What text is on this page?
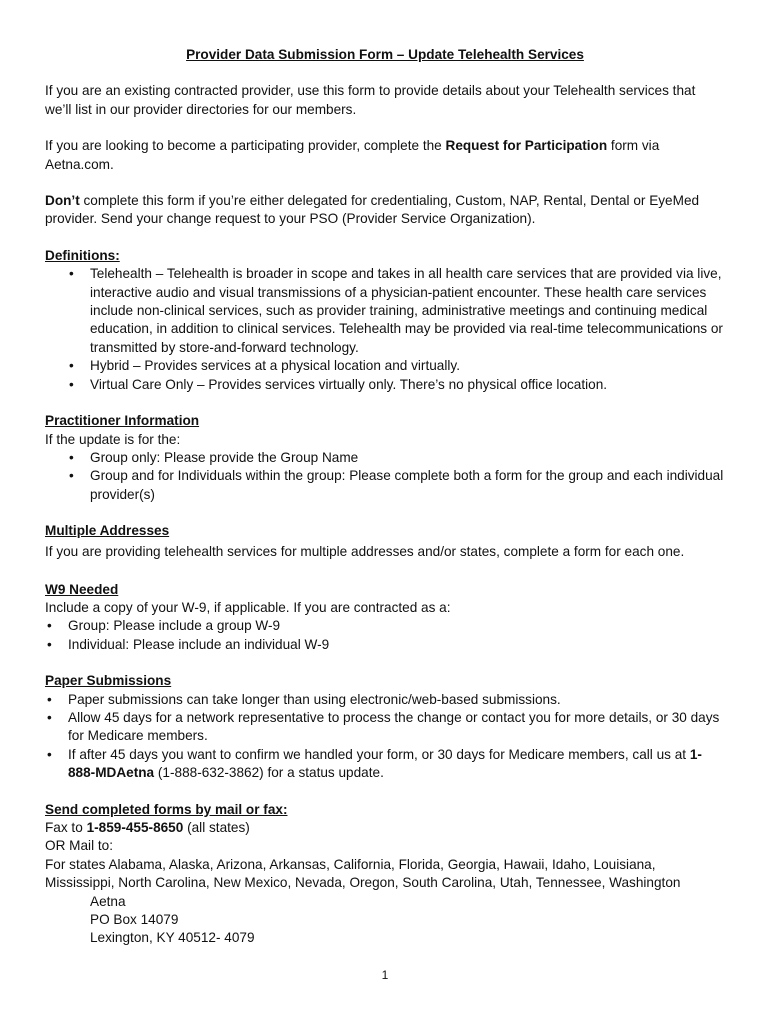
Provider Data Submission Form – Update Telehealth Services

If you are an existing contracted provider, use this form to provide details about your Telehealth services that we’ll list in our provider directories for our members.

If you are looking to become a participating provider, complete the Request for Participation form via Aetna.com.

Don’t complete this form if you’re either delegated for credentialing, Custom, NAP, Rental, Dental or EyeMed provider. Send your change request to your PSO (Provider Service Organization).

Definitions:
• Telehealth – Telehealth is broader in scope and takes in all health care services that are provided via live, interactive audio and visual transmissions of a physician-patient encounter. These health care services include non-clinical services, such as provider training, administrative meetings and continuing medical education, in addition to clinical services. Telehealth may be provided via real-time telecommunications or transmitted by store-and-forward technology.
• Hybrid – Provides services at a physical location and virtually.
• Virtual Care Only – Provides services virtually only. There’s no physical office location.
Practitioner Information
If the update is for the:
• Group only: Please provide the Group Name
• Group and for Individuals within the group: Please complete both a form for the group and each individual provider(s)
Multiple Addresses

If you are providing telehealth services for multiple addresses and/or states, complete a form for each one.

W9 Needed
Include a copy of your W-9, if applicable. If you are contracted as a:
• Group: Please include a group W-9
• Individual: Please include an individual W-9
Paper Submissions
• Paper submissions can take longer than using electronic/web-based submissions.
• Allow 45 days for a network representative to process the change or contact you for more details, or 30 days for Medicare members.
• If after 45 days you want to confirm we handled your form, or 30 days for Medicare members, call us at 1-888-MDAetna (1-888-632-3862) for a status update.
Send completed forms by mail or fax:
Fax to 1-859-455-8650 (all states)
OR Mail to:
For states Alabama, Alaska, Arizona, Arkansas, California, Florida, Georgia, Hawaii, Idaho, Louisiana, Mississippi, North Carolina, New Mexico, Nevada, Oregon, South Carolina, Utah, Tennessee, Washington
Aetna
PO Box 14079
Lexington, KY 40512- 4079
1
